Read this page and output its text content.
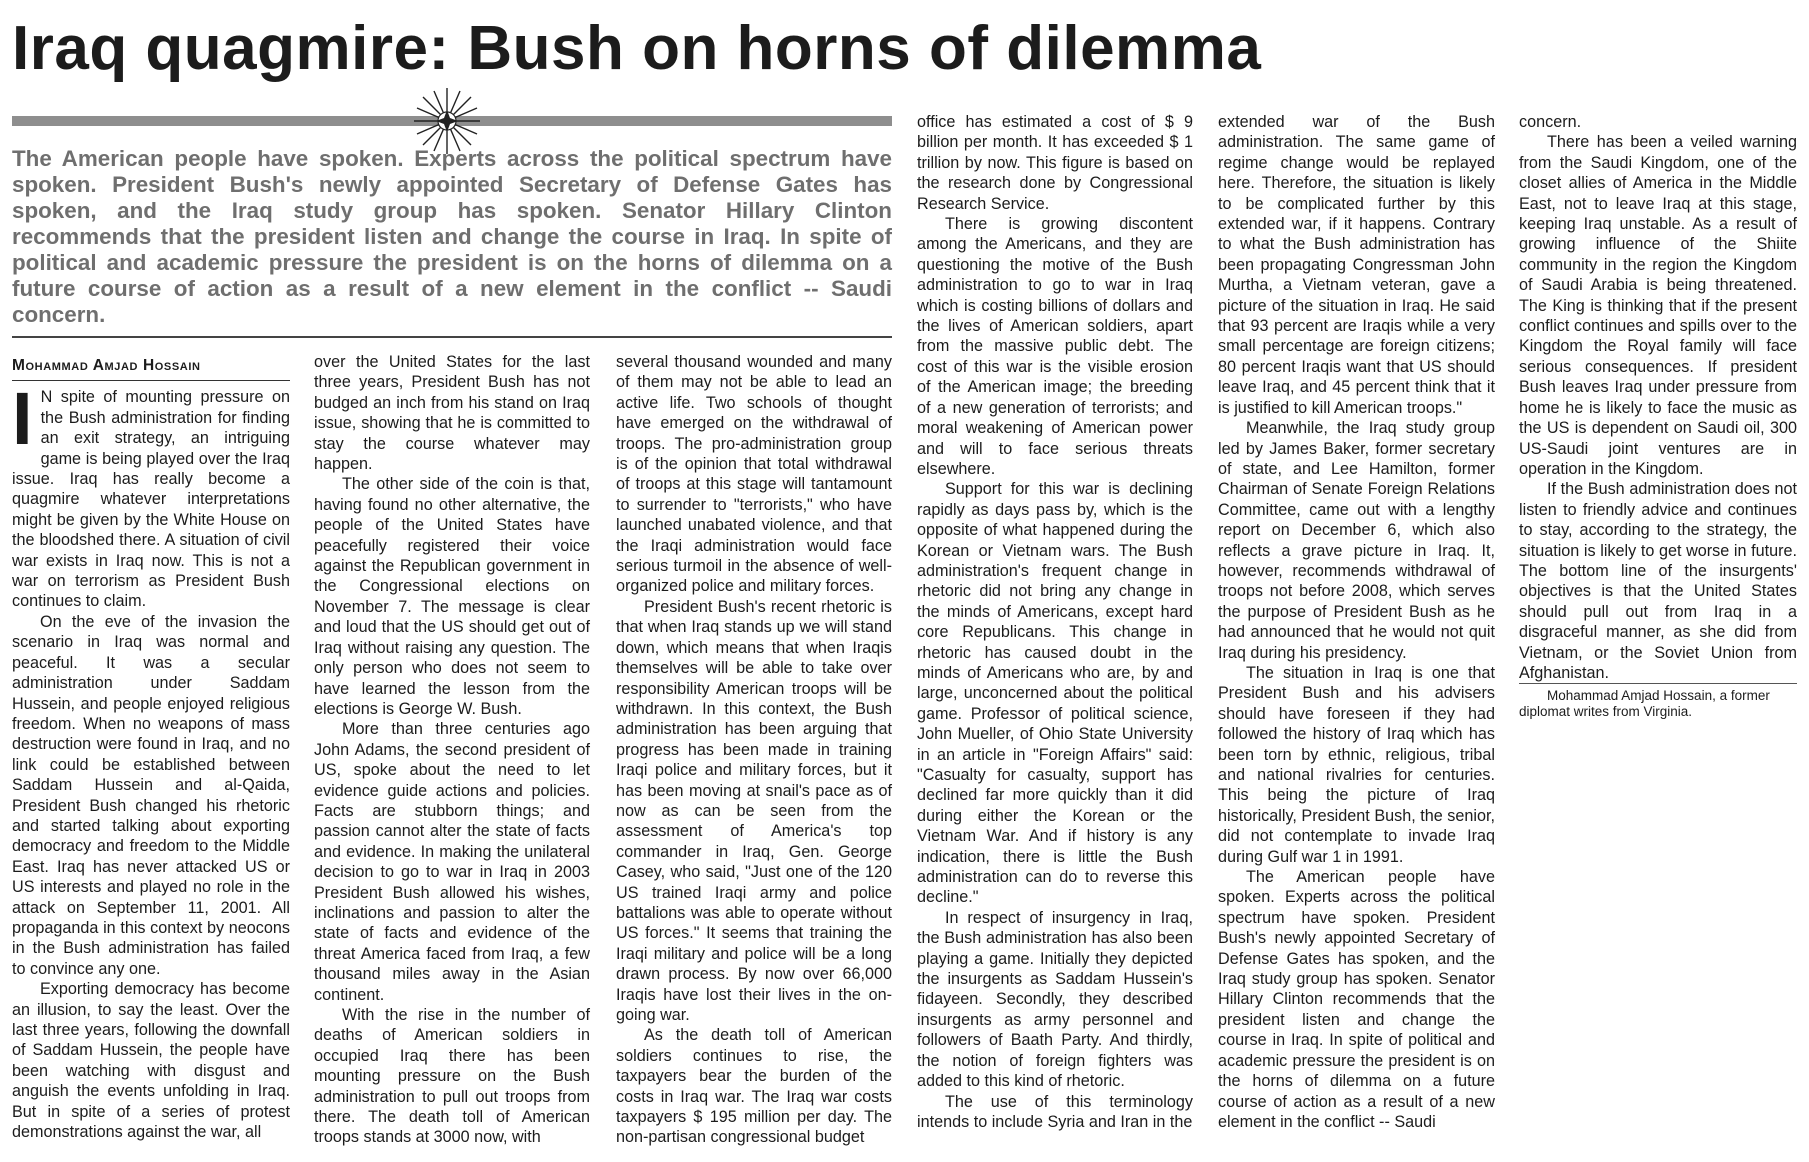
Iraq quagmire: Bush on horns of dilemma

The American people have spoken. Experts across the political spectrum have spoken. President Bush's newly appointed Secretary of Defense Gates has spoken, and the Iraq study group has spoken. Senator Hillary Clinton recommends that the president listen and change the course in Iraq. In spite of political and academic pressure the president is on the horns of dilemma on a future course of action as a result of a new element in the conflict -- Saudi concern.

Mohammad Amjad Hossain

I N spite of mounting pressure on the Bush administration for finding an exit strategy, an intriguing game is being played over the Iraq issue. Iraq has really become a quagmire whatever interpretations might be given by the White House on the bloodshed there. A situation of civil war exists in Iraq now. This is not a war on terrorism as President Bush continues to claim.

On the eve of the invasion the scenario in Iraq was normal and peaceful. It was a secular administration under Saddam Hussein, and people enjoyed religious freedom. When no weapons of mass destruction were found in Iraq, and no link could be established between Saddam Hussein and al-Qaida, President Bush changed his rhetoric and started talking about exporting democracy and freedom to the Middle East. Iraq has never attacked US or US interests and played no role in the attack on September 11, 2001. All propaganda in this context by neocons in the Bush administration has failed to convince any one.

Exporting democracy has become an illusion, to say the least. Over the last three years, following the downfall of Saddam Hussein, the people have been watching with disgust and anguish the events unfolding in Iraq. But in spite of a series of protest demonstrations against the war, all

over the United States for the last three years, President Bush has not budged an inch from his stand on Iraq issue, showing that he is committed to stay the course whatever may happen.

The other side of the coin is that, having found no other alternative, the people of the United States have peacefully registered their voice against the Republican government in the Congressional elections on November 7. The message is clear and loud that the US should get out of Iraq without raising any question. The only person who does not seem to have learned the lesson from the elections is George W. Bush.

More than three centuries ago John Adams, the second president of US, spoke about the need to let evidence guide actions and policies. Facts are stubborn things; and passion cannot alter the state of facts and evidence. In making the unilateral decision to go to war in Iraq in 2003 President Bush allowed his wishes, inclinations and passion to alter the state of facts and evidence of the threat America faced from Iraq, a few thousand miles away in the Asian continent.

With the rise in the number of deaths of American soldiers in occupied Iraq there has been mounting pressure on the Bush administration to pull out troops from there. The death toll of American troops stands at 3000 now, with

several thousand wounded and many of them may not be able to lead an active life. Two schools of thought have emerged on the withdrawal of troops. The pro-administration group is of the opinion that total withdrawal of troops at this stage will tantamount to surrender to "terrorists," who have launched unabated violence, and that the Iraqi administration would face serious turmoil in the absence of well-organized police and military forces.

President Bush's recent rhetoric is that when Iraq stands up we will stand down, which means that when Iraqis themselves will be able to take over responsibility American troops will be withdrawn. In this context, the Bush administration has been arguing that progress has been made in training Iraqi police and military forces, but it has been moving at snail's pace as of now as can be seen from the assessment of America's top commander in Iraq, Gen. George Casey, who said, "Just one of the 120 US trained Iraqi army and police battalions was able to operate without US forces." It seems that training the Iraqi military and police will be a long drawn process. By now over 66,000 Iraqis have lost their lives in the on-going war.

As the death toll of American soldiers continues to rise, the taxpayers bear the burden of the costs in Iraq war. The Iraq war costs taxpayers $ 195 million per day. The non-partisan congressional budget

office has estimated a cost of $ 9 billion per month. It has exceeded $ 1 trillion by now. This figure is based on the research done by Congressional Research Service.

There is growing discontent among the Americans, and they are questioning the motive of the Bush administration to go to war in Iraq which is costing billions of dollars and the lives of American soldiers, apart from the massive public debt. The cost of this war is the visible erosion of the American image; the breeding of a new generation of terrorists; and moral weakening of American power and will to face serious threats elsewhere.

Support for this war is declining rapidly as days pass by, which is the opposite of what happened during the Korean or Vietnam wars. The Bush administration's frequent change in rhetoric did not bring any change in the minds of Americans, except hard core Republicans. This change in rhetoric has caused doubt in the minds of Americans who are, by and large, unconcerned about the political game. Professor of political science, John Mueller, of Ohio State University in an article in "Foreign Affairs" said: "Casualty for casualty, support has declined far more quickly than it did during either the Korean or the Vietnam War. And if history is any indication, there is little the Bush administration can do to reverse this decline."

In respect of insurgency in Iraq, the Bush administration has also been playing a game. Initially they depicted the insurgents as Saddam Hussein's fidayeen. Secondly, they described insurgents as army personnel and followers of Baath Party. And thirdly, the notion of foreign fighters was added to this kind of rhetoric.

The use of this terminology intends to include Syria and Iran in the

extended war of the Bush administration. The same game of regime change would be replayed here. Therefore, the situation is likely to be complicated further by this extended war, if it happens. Contrary to what the Bush administration has been propagating Congressman John Murtha, a Vietnam veteran, gave a picture of the situation in Iraq. He said that 93 percent are Iraqis while a very small percentage are foreign citizens; 80 percent Iraqis want that US should leave Iraq, and 45 percent think that it is justified to kill American troops."

Meanwhile, the Iraq study group led by James Baker, former secretary of state, and Lee Hamilton, former Chairman of Senate Foreign Relations Committee, came out with a lengthy report on December 6, which also reflects a grave picture in Iraq. It, however, recommends withdrawal of troops not before 2008, which serves the purpose of President Bush as he had announced that he would not quit Iraq during his presidency.

The situation in Iraq is one that President Bush and his advisers should have foreseen if they had followed the history of Iraq which has been torn by ethnic, religious, tribal and national rivalries for centuries. This being the picture of Iraq historically, President Bush, the senior, did not contemplate to invade Iraq during Gulf war 1 in 1991.

The American people have spoken. Experts across the political spectrum have spoken. President Bush's newly appointed Secretary of Defense Gates has spoken, and the Iraq study group has spoken. Senator Hillary Clinton recommends that the president listen and change the course in Iraq. In spite of political and academic pressure the president is on the horns of dilemma on a future course of action as a result of a new element in the conflict -- Saudi

concern.

There has been a veiled warning from the Saudi Kingdom, one of the closet allies of America in the Middle East, not to leave Iraq at this stage, keeping Iraq unstable. As a result of growing influence of the Shiite community in the region the Kingdom of Saudi Arabia is being threatened. The King is thinking that if the present conflict continues and spills over to the Kingdom the Royal family will face serious consequences. If president Bush leaves Iraq under pressure from home he is likely to face the music as the US is dependent on Saudi oil, 300 US-Saudi joint ventures are in operation in the Kingdom.

If the Bush administration does not listen to friendly advice and continues to stay, according to the strategy, the situation is likely to get worse in future. The bottom line of the insurgents' objectives is that the United States should pull out from Iraq in a disgraceful manner, as she did from Vietnam, or the Soviet Union from Afghanistan.

Mohammad Amjad Hossain, a former diplomat writes from Virginia.
